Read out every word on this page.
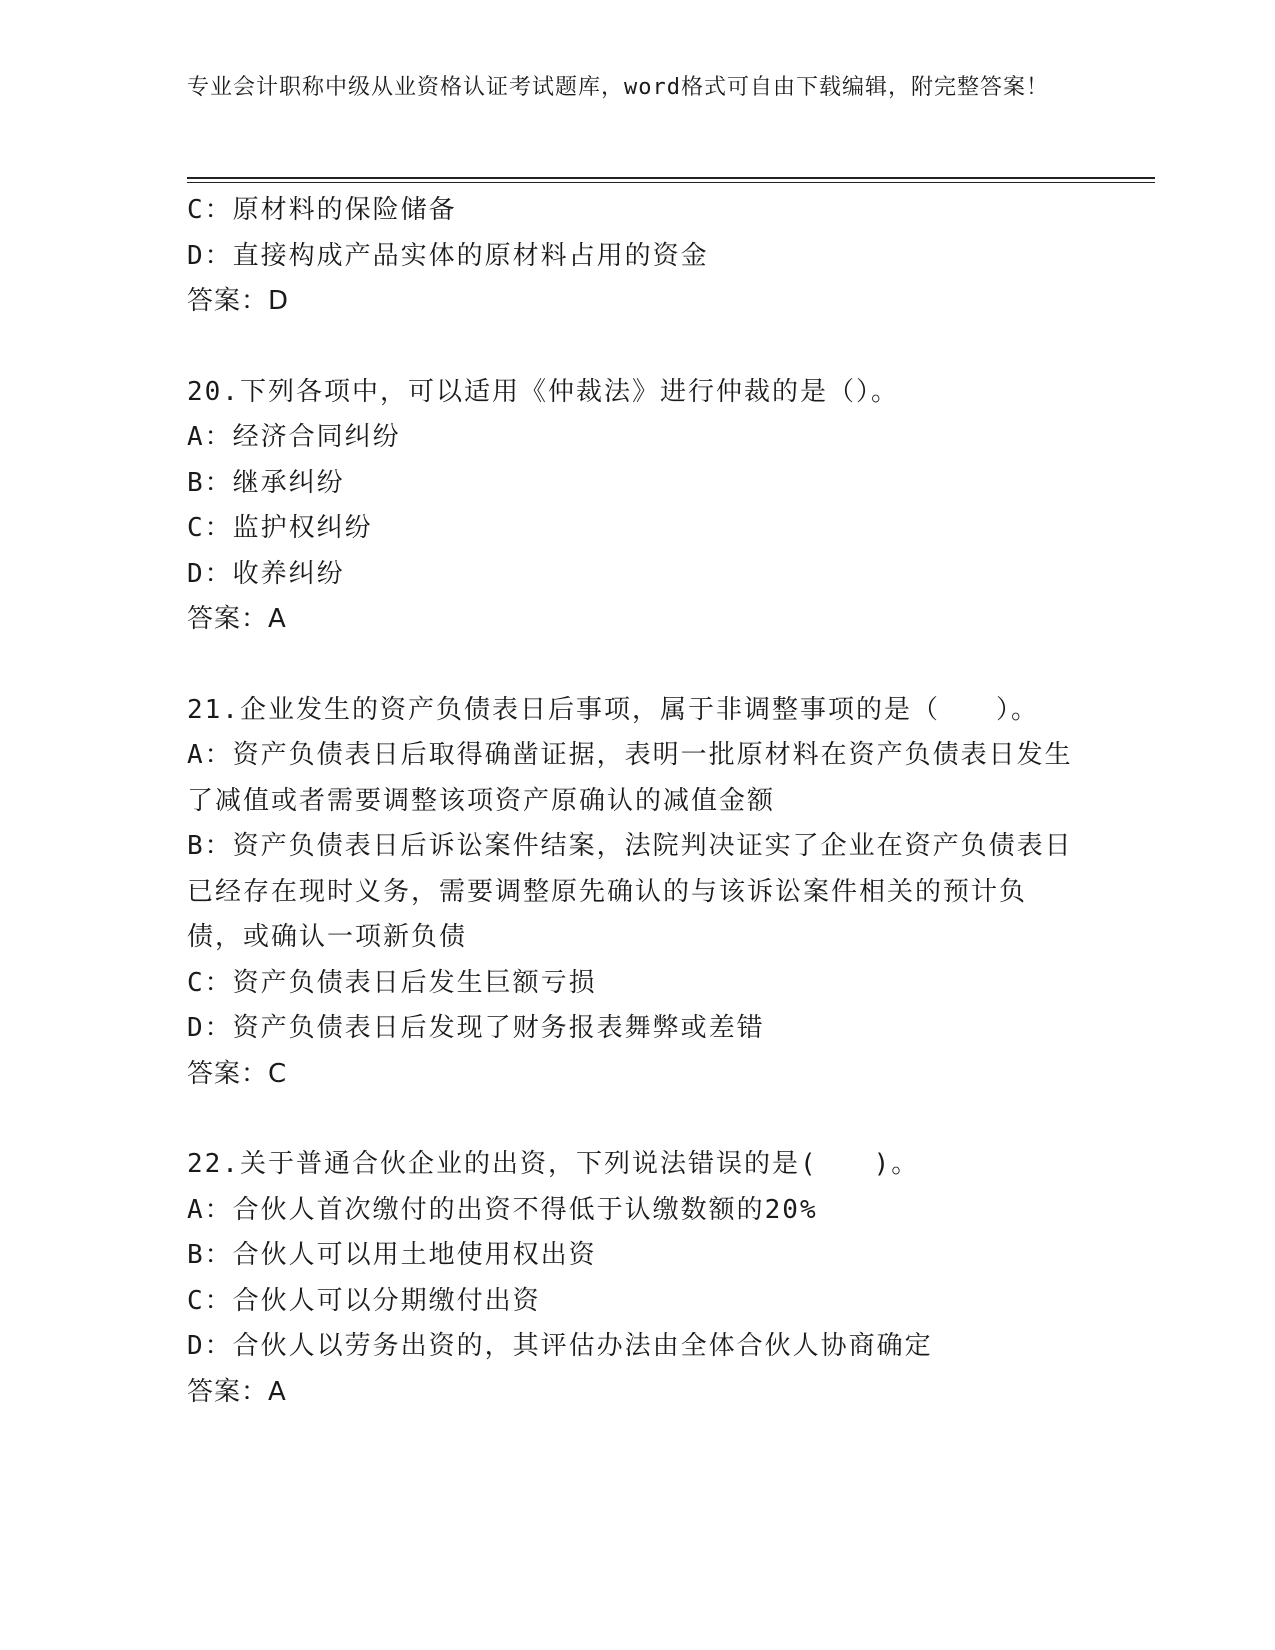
专业会计职称中级从业资格认证考试题库，word格式可自由下载编辑，附完整答案！

C：原材料的保险储备

D：直接构成产品实体的原材料占用的资金

答案：D

20.下列各项中，可以适用《仲裁法》进行仲裁的是（）。

A：经济合同纠纷

B：继承纠纷

C：监护权纠纷

D：收养纠纷

答案：A

21.企业发生的资产负债表日后事项，属于非调整事项的是（　　）。

A：资产负债表日后取得确凿证据，表明一批原材料在资产负债表日发生了减值或者需要调整该项资产原确认的减值金额

B：资产负债表日后诉讼案件结案，法院判决证实了企业在资产负债表日已经存在现时义务，需要调整原先确认的与该诉讼案件相关的预计负债，或确认一项新负债

C：资产负债表日后发生巨额亏损

D：资产负债表日后发现了财务报表舞弊或差错

答案：C

22.关于普通合伙企业的出资，下列说法错误的是(　　)。

A：合伙人首次缴付的出资不得低于认缴数额的20%

B：合伙人可以用土地使用权出资

C：合伙人可以分期缴付出资

D：合伙人以劳务出资的，其评估办法由全体合伙人协商确定

答案：A
